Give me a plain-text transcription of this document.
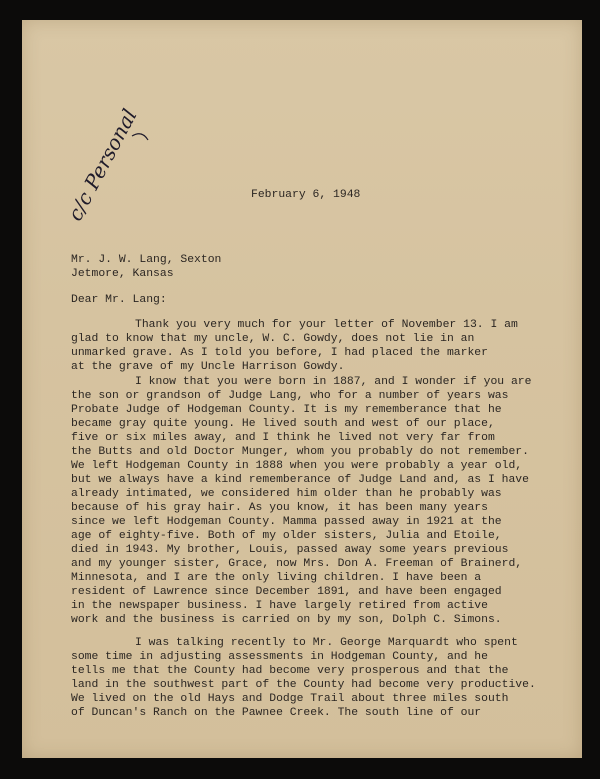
c/c Personal	February 6, 1948
Mr. J. W. Lang, Sexton
Jetmore, Kansas
Dear Mr. Lang:
Thank you very much for your letter of November 13. I am
glad to know that my uncle, W. C. Gowdy, does not lie in an
unmarked grave. As I told you before, I had placed the marker
at the grave of my Uncle Harrison Gowdy.
I know that you were born in 1887, and I wonder if you are
the son or grandson of Judge Lang, who for a number of years was
Probate Judge of Hodgeman County. It is my rememberance that he
became gray quite young. He lived south and west of our place,
five or six miles away, and I think he lived not very far from
the Butts and old Doctor Munger, whom you probably do not remember.
We left Hodgeman County in 1888 when you were probably a year old,
but we always have a kind rememberance of Judge Land and, as I have
already intimated, we considered him older than he probably was
because of his gray hair. As you know, it has been many years
since we left Hodgeman County. Mamma passed away in 1921 at the
age of eighty-five. Both of my older sisters, Julia and Etoile,
died in 1943. My brother, Louis, passed away some years previous
and my younger sister, Grace, now Mrs. Don A. Freeman of Brainerd,
Minnesota, and I are the only living children. I have been a
resident of Lawrence since December 1891, and have been engaged
in the newspaper business. I have largely retired from active
work and the business is carried on by my son, Dolph C. Simons.
I was talking recently to Mr. George Marquardt who spent
some time in adjusting assessments in Hodgeman County, and he
tells me that the County had become very prosperous and that the
land in the southwest part of the County had become very productive.
We lived on the old Hays and Dodge Trail about three miles south
of Duncan's Ranch on the Pawnee Creek. The south line of our
